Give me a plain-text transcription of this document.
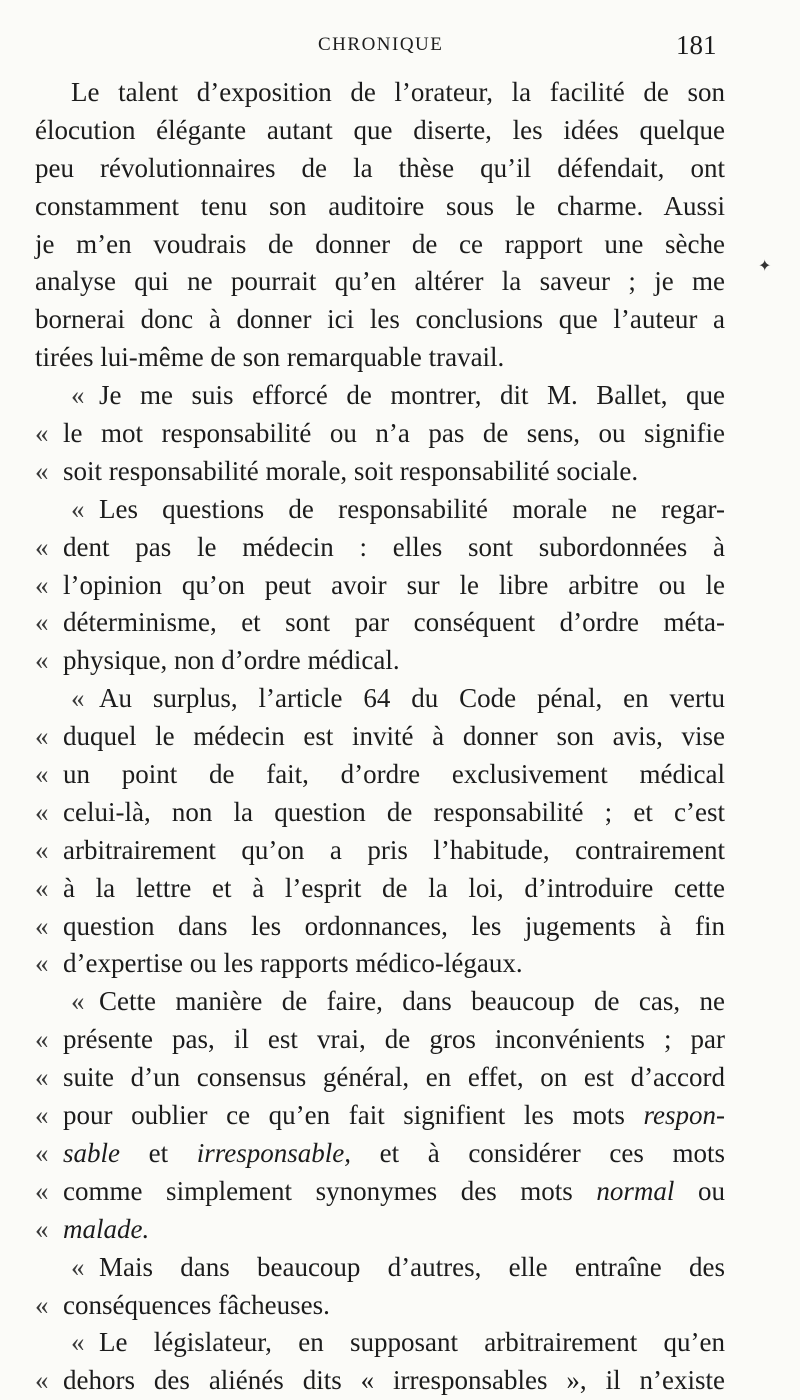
CHRONIQUE	181
Le talent d’exposition de l’orateur, la facilité de son
élocution élégante autant que diserte, les idées quelque
peu révolutionnaires de la thèse qu’il défendait, ont
constamment tenu son auditoire sous le charme. Aussi
je m’en voudrais de donner de ce rapport une sèche
analyse qui ne pourrait qu’en altérer la saveur ; je me
bornerai donc à donner ici les conclusions que l’auteur a
tirées lui-même de son remarquable travail.
« Je me suis efforcé de montrer, dit M. Ballet, que
« le mot responsabilité ou n’a pas de sens, ou signifie
« soit responsabilité morale, soit responsabilité sociale.
« Les questions de responsabilité morale ne regar-
« dent pas le médecin : elles sont subordonnées à
« l’opinion qu’on peut avoir sur le libre arbitre ou le
« déterminisme, et sont par conséquent d’ordre méta-
« physique, non d’ordre médical.
« Au surplus, l’article 64 du Code pénal, en vertu
« duquel le médecin est invité à donner son avis, vise
« un point de fait, d’ordre exclusivement médical
« celui-là, non la question de responsabilité ; et c’est
« arbitrairement qu’on a pris l’habitude, contrairement
« à la lettre et à l’esprit de la loi, d’introduire cette
« question dans les ordonnances, les jugements à fin
« d’expertise ou les rapports médico-légaux.
« Cette manière de faire, dans beaucoup de cas, ne
« présente pas, il est vrai, de gros inconvénients ; par
« suite d’un consensus général, en effet, on est d’accord
« pour oublier ce qu’en fait signifient les mots respon-
« sable et irresponsable, et à considérer ces mots
« comme simplement synonymes des mots normal ou
« malade.
« Mais dans beaucoup d’autres, elle entraîne des
« conséquences fâcheuses.
« Le législateur, en supposant arbitrairement qu’en
« dehors des aliénés dits « irresponsables », il n’existe
✦
